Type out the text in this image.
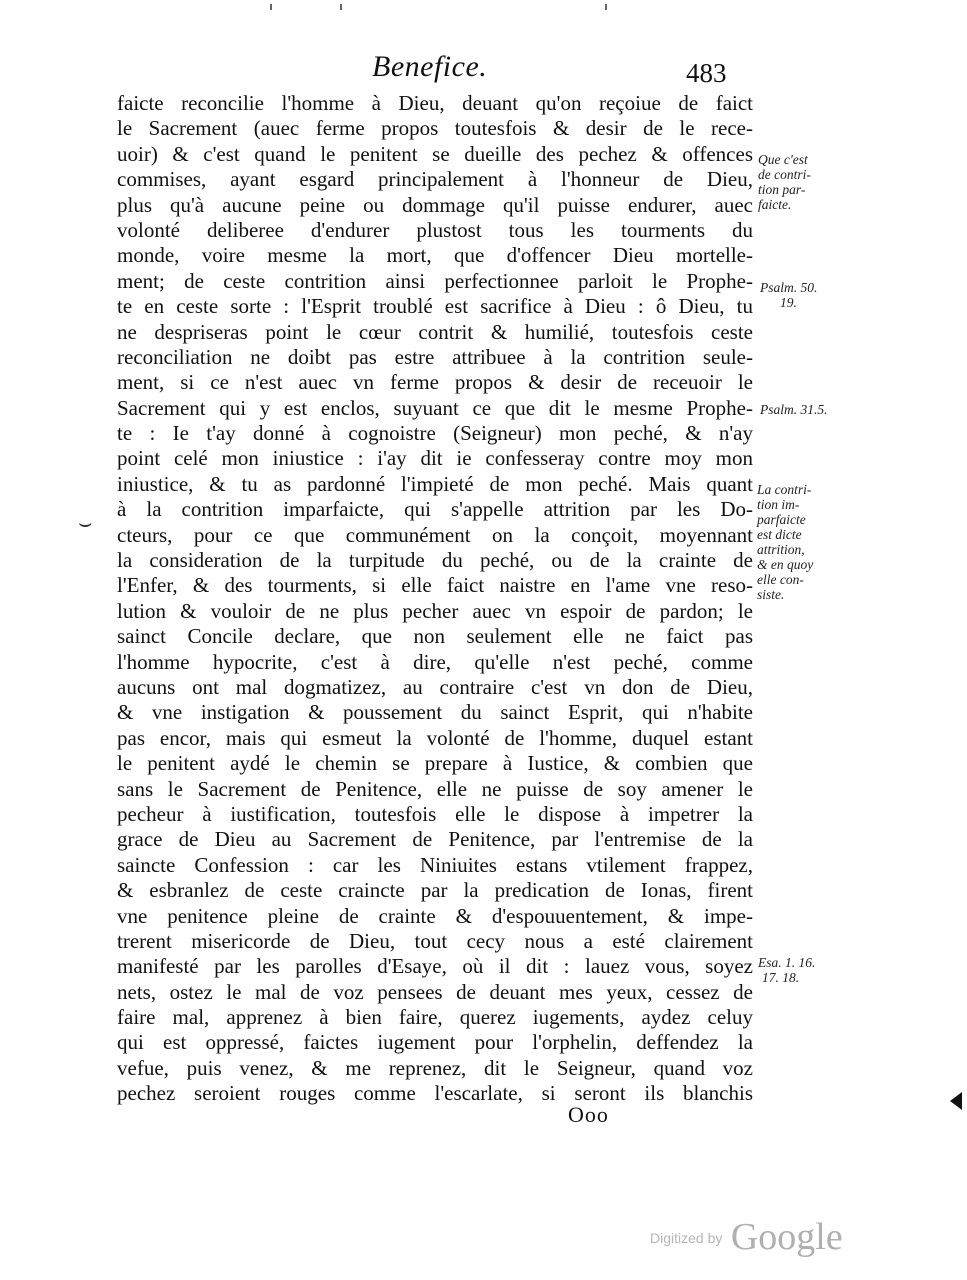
Benefice.	483
faicte reconcilie l'homme à Dieu, deuant qu'on reçoiue de faict
le Sacrement (auec ferme propos toutesfois & desir de le rece-
uoir) & c'est quand le penitent se dueille des pechez & offences
commises, ayant esgard principalement à l'honneur de Dieu,
plus qu'à aucune peine ou dommage qu'il puisse endurer, auec
volonté deliberee d'endurer plustost tous les tourments du
monde, voire mesme la mort, que d'offencer Dieu mortelle-
ment; de ceste contrition ainsi perfectionnee parloit le Prophe-
te en ceste sorte : l'Esprit troublé est sacrifice à Dieu : ô Dieu, tu
ne despriseras point le cœur contrit & humilié, toutesfois ceste
reconciliation ne doibt pas estre attribuee à la contrition seule-
ment, si ce n'est auec vn ferme propos & desir de receuoir le
Sacrement qui y est enclos, suyuant ce que dit le mesme Prophe-
te : Ie t'ay donné à cognoistre (Seigneur) mon peché, & n'ay
point celé mon iniustice : i'ay dit ie confesseray contre moy mon
iniustice, & tu as pardonné l'impieté de mon peché. Mais quant
à la contrition imparfaicte, qui s'appelle attrition par les Do-
cteurs, pour ce que communément on la conçoit, moyennant
la consideration de la turpitude du peché, ou de la crainte de
l'Enfer, & des tourments, si elle faict naistre en l'ame vne reso-
lution & vouloir de ne plus pecher auec vn espoir de pardon; le
sainct Concile declare, que non seulement elle ne faict pas
l'homme hypocrite, c'est à dire, qu'elle n'est peché, comme
aucuns ont mal dogmatizez, au contraire c'est vn don de Dieu,
& vne instigation & poussement du sainct Esprit, qui n'habite
pas encor, mais qui esmeut la volonté de l'homme, duquel estant
le penitent aydé le chemin se prepare à Iustice, & combien que
sans le Sacrement de Penitence, elle ne puisse de soy amener le
pecheur à iustification, toutesfois elle le dispose à impetrer la
grace de Dieu au Sacrement de Penitence, par l'entremise de la
saincte Confession : car les Niniuites estans vtilement frappez,
& esbranlez de ceste craincte par la predication de Ionas, firent
vne penitence pleine de crainte & d'espouuentement, & impe-
trerent misericorde de Dieu, tout cecy nous a esté clairement
manifesté par les parolles d'Esaye, où il dit : lauez vous, soyez
nets, ostez le mal de voz pensees de deuant mes yeux, cessez de
faire mal, apprenez à bien faire, querez iugements, aydez celuy
qui est oppressé, faictes iugement pour l'orphelin, deffendez la
vefue, puis venez, & me reprenez, dit le Seigneur, quand voz
pechez seroient rouges comme l'escarlate, si seront ils blanchis
Que c'est
de contri-
tion par-
faicte.
Psalm. 50.
19.
Psalm. 31.5.
La contri-
tion im-
parfaicte
est dicte
attrition,
& en quoy
elle con-
siste.
Esa. 1. 16.
17. 18.
⌣
Ooo
Digitized by Google
